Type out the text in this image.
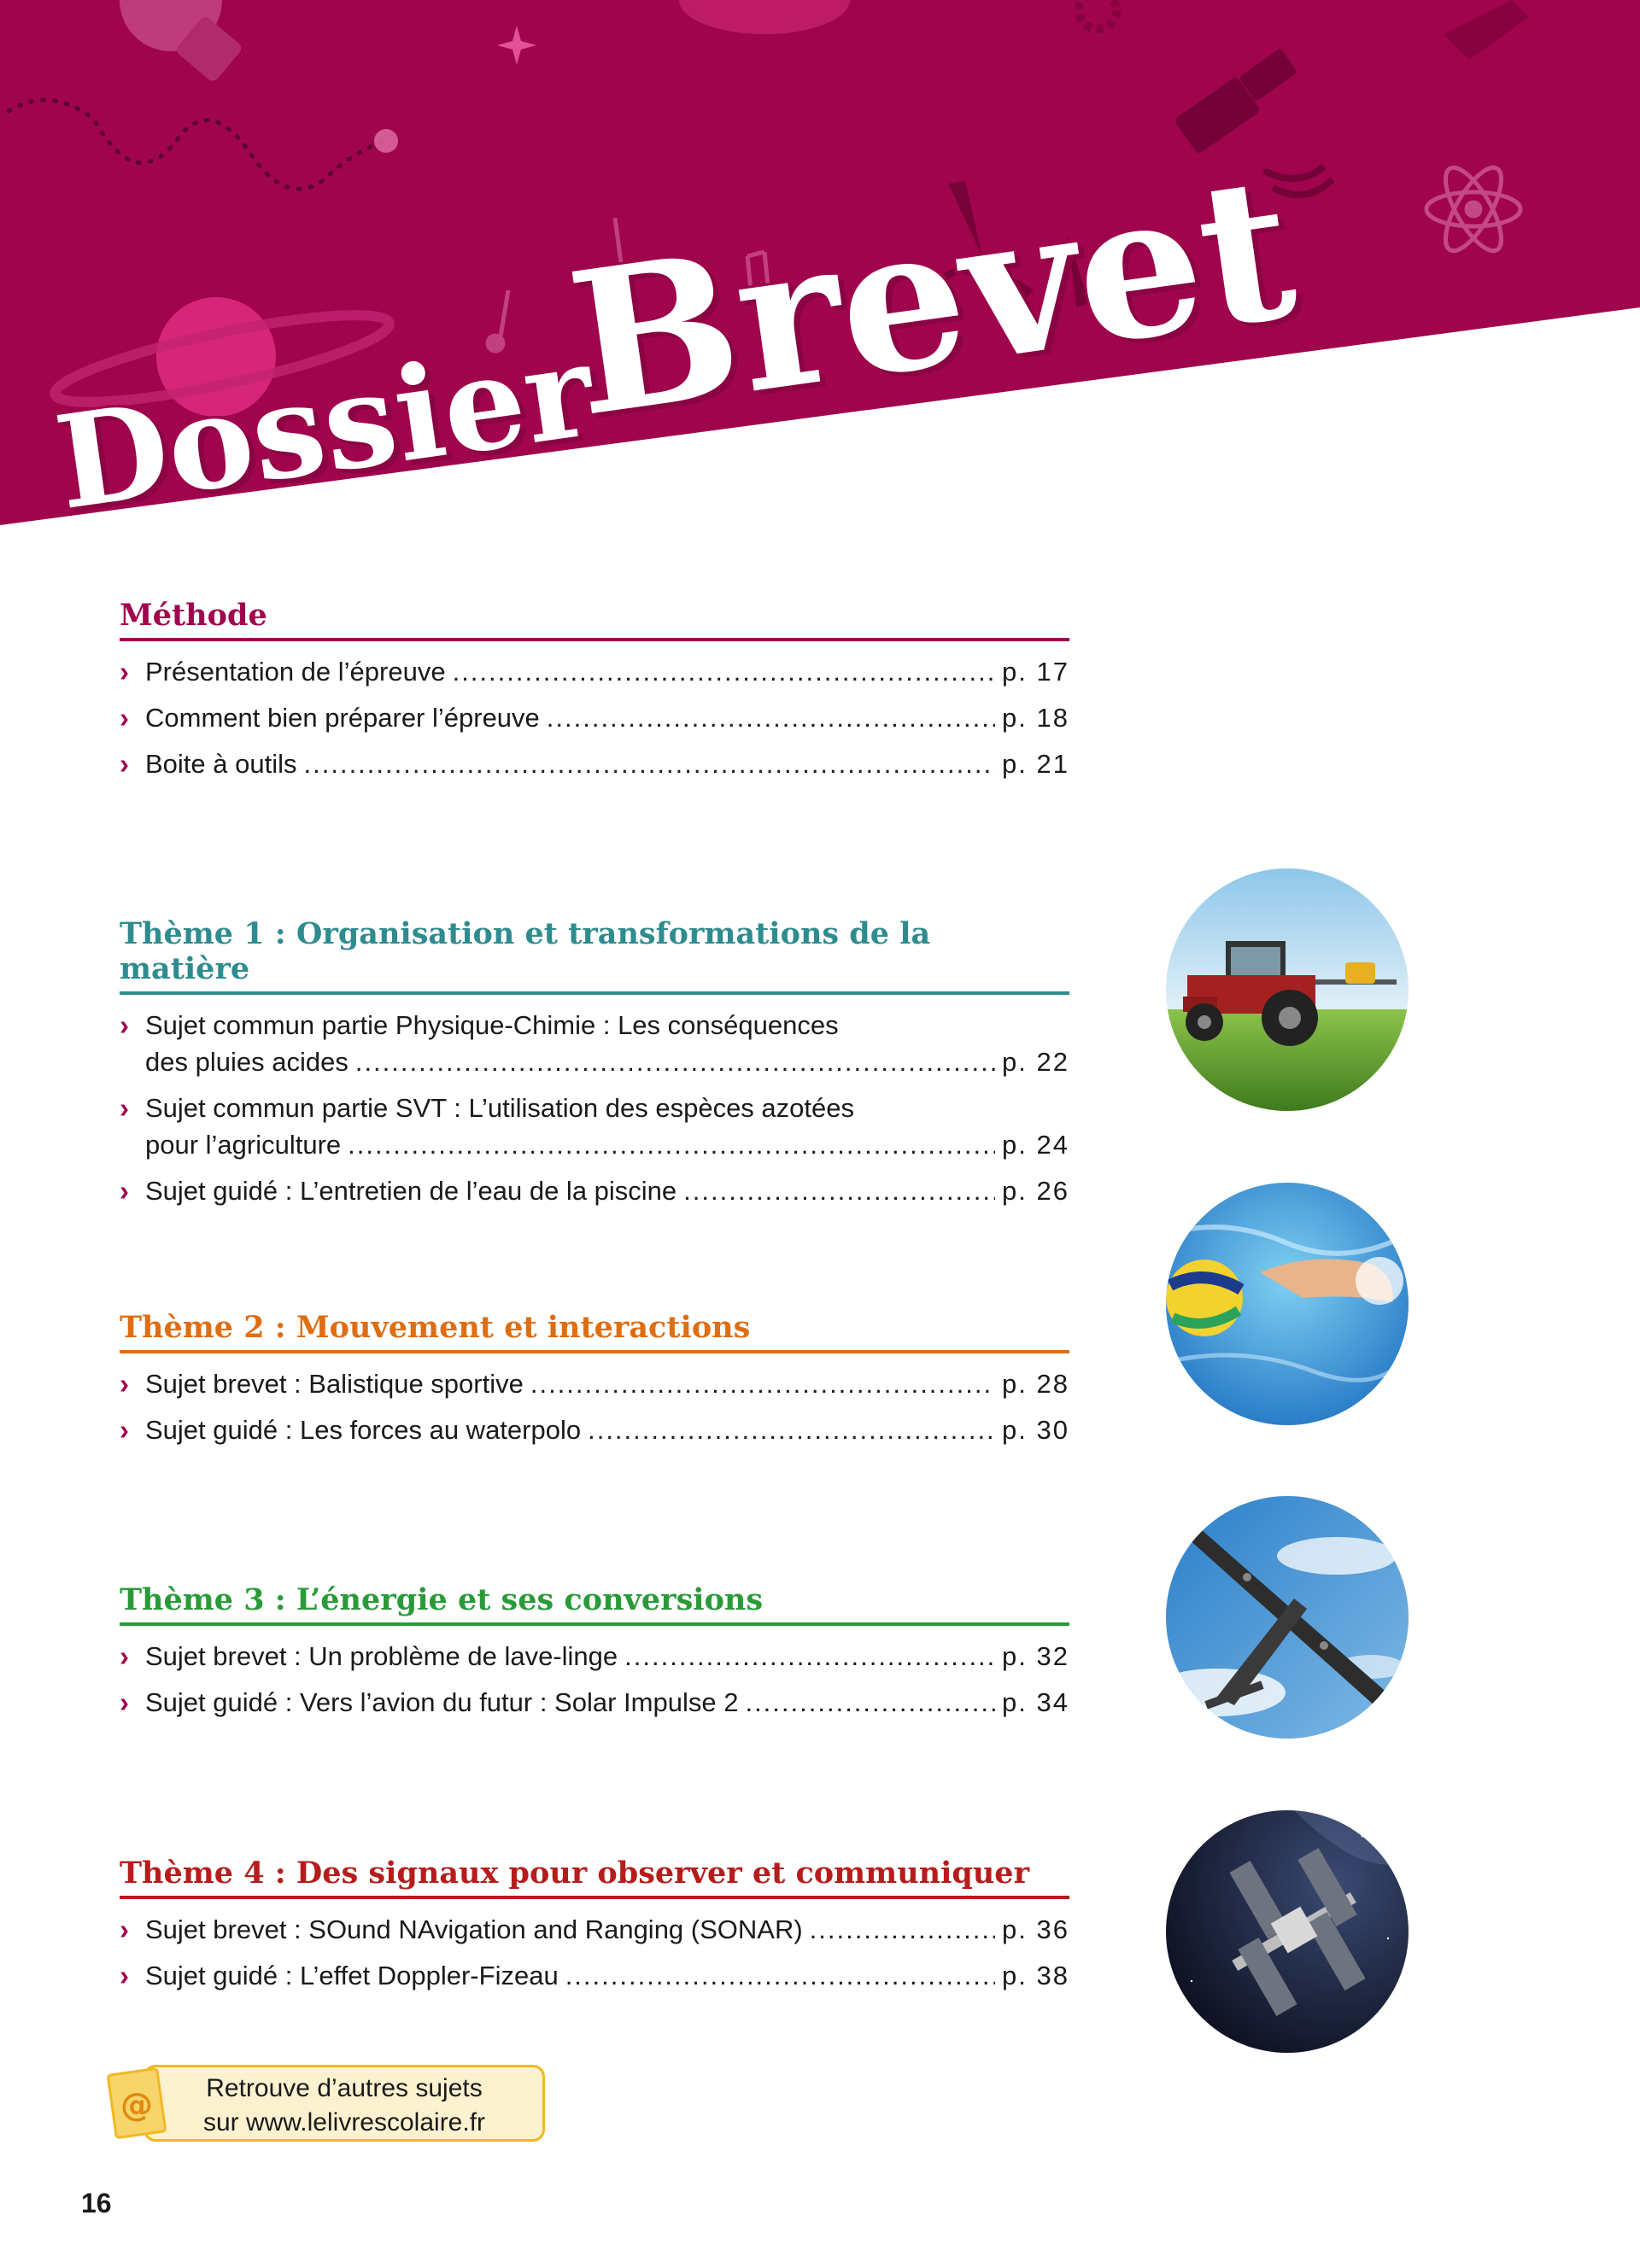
Dossier
Brevet
Méthode
› Présentation de l’épreuve .....	p. 17
› Comment bien préparer l’épreuve .....	p. 18
› Boite à outils .....	p. 21
Thème 1 : Organisation et transformations de la matière
› Sujet commun partie Physique-Chimie : Les conséquences
des pluies acides .....	p. 22
› Sujet commun partie SVT : L’utilisation des espèces azotées
pour l’agriculture .....	p. 24
› Sujet guidé : L’entretien de l’eau de la piscine .....	p. 26
Thème 2 : Mouvement et interactions
› Sujet brevet : Balistique sportive .....	p. 28
› Sujet guidé : Les forces au waterpolo .....	p. 30
Thème 3 : L’énergie et ses conversions
› Sujet brevet : Un problème de lave-linge .....	p. 32
› Sujet guidé : Vers l’avion du futur : Solar Impulse 2 .....	p. 34
Thème 4 : Des signaux pour observer et communiquer
› Sujet brevet : SOund NAvigation and Ranging (SONAR) .....	p. 36
› Sujet guidé : L’effet Doppler-Fizeau .....	p. 38
Retrouve d’autres sujets
sur www.lelivrescolaire.fr
@
16
